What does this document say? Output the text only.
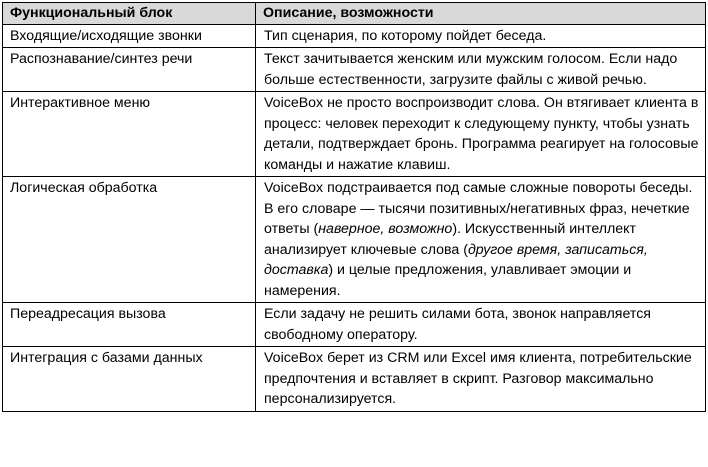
Функциональный блок	Описание, возможности
Входящие/исходящие звонки	Тип сценария, по которому пойдет беседа.
Распознавание/синтез речи	Текст зачитывается женским или мужским голосом. Если надо больше естественности, загрузите файлы с живой речью.
Интерактивное меню	VoiceBox не просто воспроизводит слова. Он втягивает клиента в процесс: человек переходит к следующему пункту, чтобы узнать детали, подтверждает бронь. Программа реагирует на голосовые команды и нажатие клавиш.
Логическая обработка	VoiceBox подстраивается под самые сложные повороты беседы. В его словаре — тысячи позитивных/негативных фраз, нечеткие ответы (наверное, возможно). Искусственный интеллект анализирует ключевые слова (другое время, записаться, доставка) и целые предложения, улавливает эмоции и намерения.
Переадресация вызова	Если задачу не решить силами бота, звонок направляется свободному оператору.
Интеграция с базами данных	VoiceBox берет из CRM или Excel имя клиента, потребительские предпочтения и вставляет в скрипт. Разговор максимально персонализируется.
